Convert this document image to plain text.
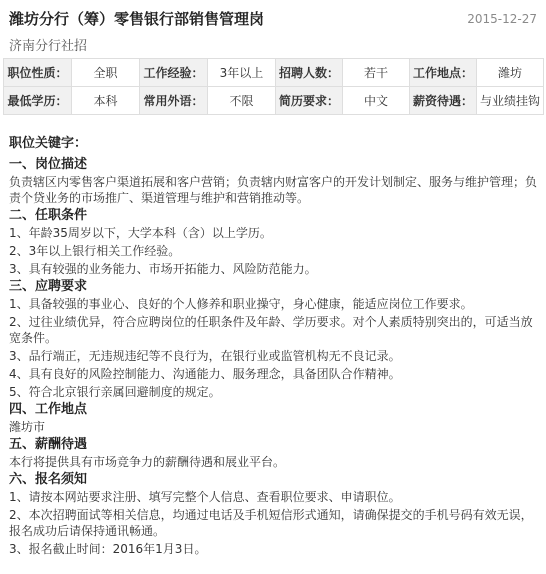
潍坊分行（筹）零售银行部销售管理岗	2015-12-27
济南分行社招
职位性质：	全职	工作经验：	3年以上	招聘人数：	若干	工作地点：	潍坊
最低学历：	本科	常用外语：	不限	简历要求：	中文	薪资待遇：	与业绩挂钩
职位关键字：
一、岗位描述
负责辖区内零售客户渠道拓展和客户营销；负责辖内财富客户的开发计划制定、服务与维护管理；负责个贷业务的市场推广、渠道管理与维护和营销推动等。
二、任职条件
1、年龄35周岁以下，大学本科（含）以上学历。
2、3年以上银行相关工作经验。
3、具有较强的业务能力、市场开拓能力、风险防范能力。
三、应聘要求
1、具备较强的事业心、良好的个人修养和职业操守，身心健康，能适应岗位工作要求。
2、过往业绩优异，符合应聘岗位的任职条件及年龄、学历要求。对个人素质特别突出的，可适当放宽条件。
3、品行端正，无违规违纪等不良行为，在银行业或监管机构无不良记录。
4、具有良好的风险控制能力、沟通能力、服务理念，具备团队合作精神。
5、符合北京银行亲属回避制度的规定。
四、工作地点
潍坊市
五、薪酬待遇
本行将提供具有市场竞争力的薪酬待遇和展业平台。
六、报名须知
1、请按本网站要求注册、填写完整个人信息、查看职位要求、申请职位。
2、本次招聘面试等相关信息，均通过电话及手机短信形式通知，请确保提交的手机号码有效无误，报名成功后请保持通讯畅通。
3、报名截止时间：2016年1月3日。
